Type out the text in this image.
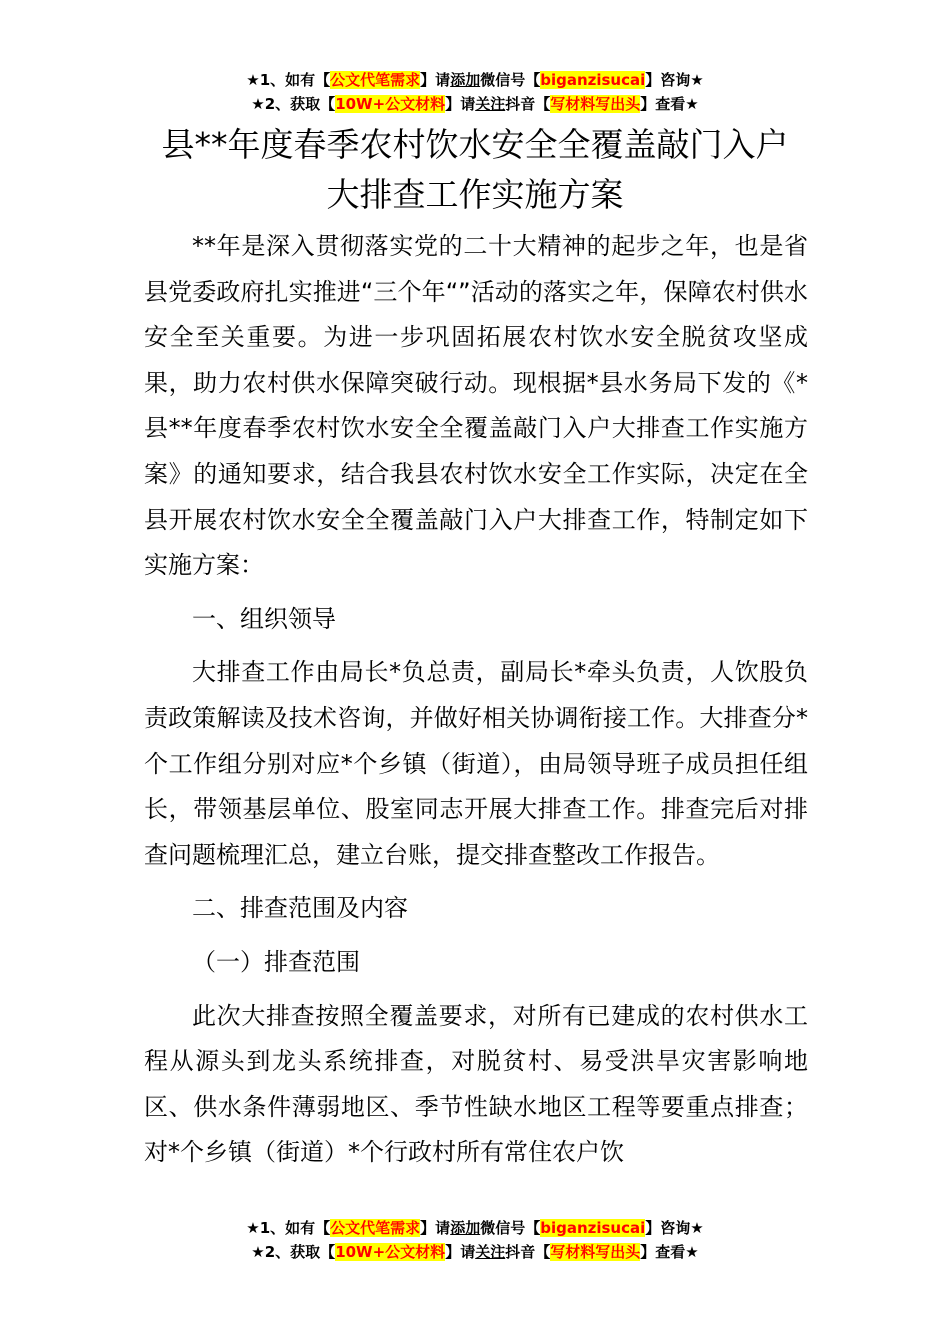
★1、如有【公文代笔需求】请添加微信号【biganzisucai】咨询★
★2、获取【10W+公文材料】请关注抖音【写材料写出头】查看★
县**年度春季农村饮水安全全覆盖敲门入户
大排查工作实施方案

**年是深入贯彻落实党的二十大精神的起步之年，也是省县党委政府扎实推进“三个年“”活动的落实之年，保障农村供水安全至关重要。为进一步巩固拓展农村饮水安全脱贫攻坚成果，助力农村供水保障突破行动。现根据*县水务局下发的《*县**年度春季农村饮水安全全覆盖敲门入户大排查工作实施方案》的通知要求，结合我县农村饮水安全工作实际，决定在全县开展农村饮水安全全覆盖敲门入户大排查工作，特制定如下实施方案：

一、组织领导

大排查工作由局长*负总责，副局长*牵头负责，人饮股负责政策解读及技术咨询，并做好相关协调衔接工作。大排查分*个工作组分别对应*个乡镇（街道），由局领导班子成员担任组长，带领基层单位、股室同志开展大排查工作。排查完后对排查问题梳理汇总，建立台账，提交排查整改工作报告。

二、排查范围及内容

（一）排查范围

此次大排查按照全覆盖要求，对所有已建成的农村供水工程从源头到龙头系统排查，对脱贫村、易受洪旱灾害影响地区、供水条件薄弱地区、季节性缺水地区工程等要重点排查；对*个乡镇（街道）*个行政村所有常住农户饮

★1、如有【公文代笔需求】请添加微信号【biganzisucai】咨询★
★2、获取【10W+公文材料】请关注抖音【写材料写出头】查看★
